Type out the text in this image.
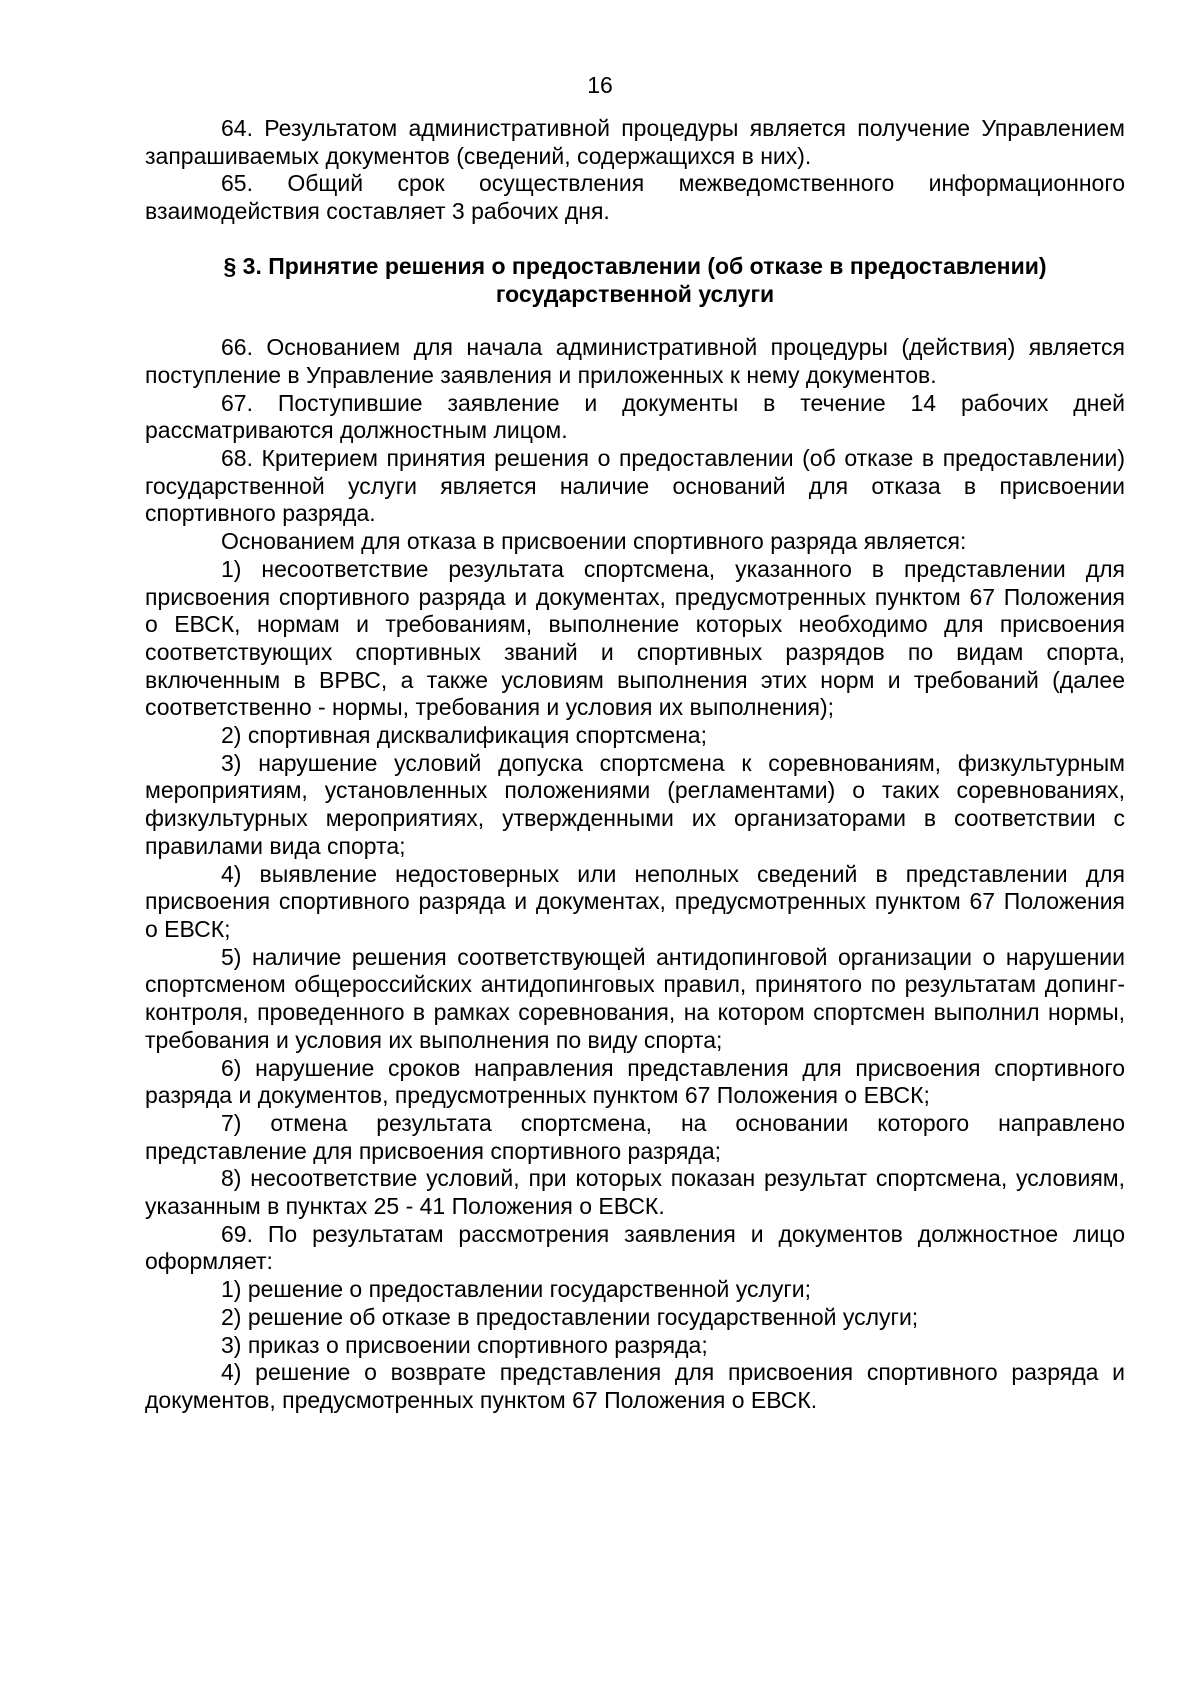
16

64. Результатом административной процедуры является получение Управлением запрашиваемых документов (сведений, содержащихся в них).

65. Общий срок осуществления межведомственного информационного взаимодействия составляет 3 рабочих дня.

§ 3. Принятие решения о предоставлении (об отказе в предоставлении)
государственной услуги

66. Основанием для начала административной процедуры (действия) является поступление в Управление заявления и приложенных к нему документов.

67. Поступившие заявление и документы в течение 14 рабочих дней рассматриваются должностным лицом.

68. Критерием принятия решения о предоставлении (об отказе в предоставлении) государственной услуги является наличие оснований для отказа в присвоении спортивного разряда.

Основанием для отказа в присвоении спортивного разряда является:

1) несоответствие результата спортсмена, указанного в представлении для присвоения спортивного разряда и документах, предусмотренных пунктом 67 Положения о ЕВСК, нормам и требованиям, выполнение которых необходимо для присвоения соответствующих спортивных званий и спортивных разрядов по видам спорта, включенным в ВРВС, а также условиям выполнения этих норм и требований (далее соответственно - нормы, требования и условия их выполнения);

2) спортивная дисквалификация спортсмена;

3) нарушение условий допуска спортсмена к соревнованиям, физкультурным мероприятиям, установленных положениями (регламентами) о таких соревнованиях, физкультурных мероприятиях, утвержденными их организаторами в соответствии с правилами вида спорта;

4) выявление недостоверных или неполных сведений в представлении для присвоения спортивного разряда и документах, предусмотренных пунктом 67 Положения о ЕВСК;

5) наличие решения соответствующей антидопинговой организации о нарушении спортсменом общероссийских антидопинговых правил, принятого по результатам допинг-контроля, проведенного в рамках соревнования, на котором спортсмен выполнил нормы, требования и условия их выполнения по виду спорта;

6) нарушение сроков направления представления для присвоения спортивного разряда и документов, предусмотренных пунктом 67 Положения о ЕВСК;

7) отмена результата спортсмена, на основании которого направлено представление для присвоения спортивного разряда;

8) несоответствие условий, при которых показан результат спортсмена, условиям, указанным в пунктах 25 - 41 Положения о ЕВСК.

69. По результатам рассмотрения заявления и документов должностное лицо оформляет:

1) решение о предоставлении государственной услуги;

2) решение об отказе в предоставлении государственной услуги;

3) приказ о присвоении спортивного разряда;

4) решение о возврате представления для присвоения спортивного разряда и документов, предусмотренных пунктом 67 Положения о ЕВСК.
